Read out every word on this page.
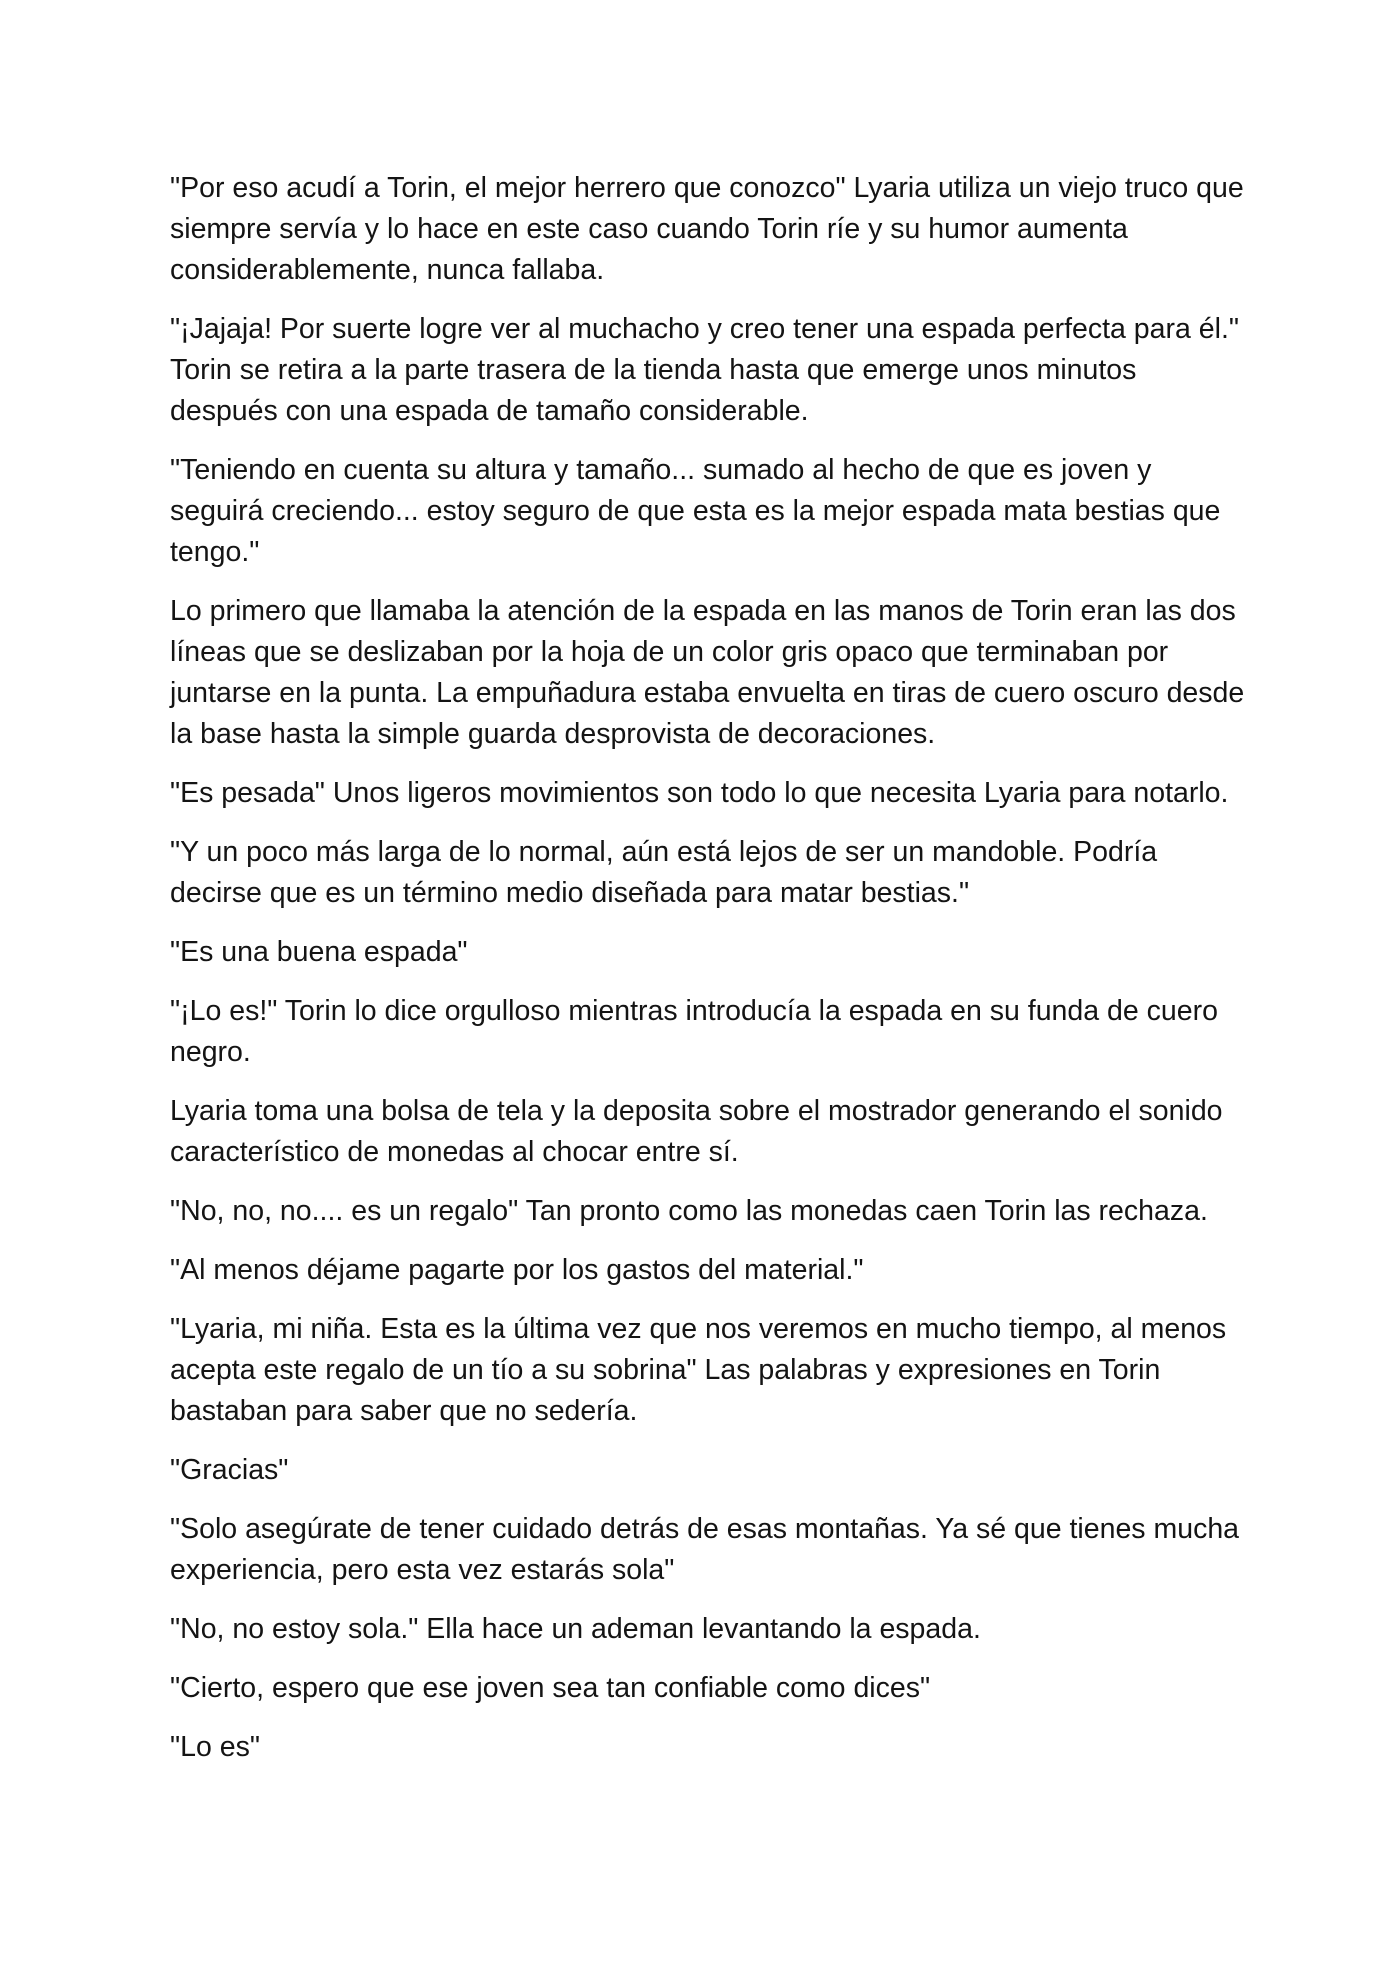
"Por eso acudí a Torin, el mejor herrero que conozco" Lyaria utiliza un viejo truco que siempre servía y lo hace en este caso cuando Torin ríe y su humor aumenta considerablemente, nunca fallaba.

"¡Jajaja! Por suerte logre ver al muchacho y creo tener una espada perfecta para él." Torin se retira a la parte trasera de la tienda hasta que emerge unos minutos después con una espada de tamaño considerable.

"Teniendo en cuenta su altura y tamaño... sumado al hecho de que es joven y seguirá creciendo... estoy seguro de que esta es la mejor espada mata bestias que tengo."

Lo primero que llamaba la atención de la espada en las manos de Torin eran las dos líneas que se deslizaban por la hoja de un color gris opaco que terminaban por juntarse en la punta. La empuñadura estaba envuelta en tiras de cuero oscuro desde la base hasta la simple guarda desprovista de decoraciones.

"Es pesada" Unos ligeros movimientos son todo lo que necesita Lyaria para notarlo.

"Y un poco más larga de lo normal, aún está lejos de ser un mandoble. Podría decirse que es un término medio diseñada para matar bestias."

"Es una buena espada"

"¡Lo es!" Torin lo dice orgulloso mientras introducía la espada en su funda de cuero negro.

Lyaria toma una bolsa de tela y la deposita sobre el mostrador generando el sonido característico de monedas al chocar entre sí.

"No, no, no.... es un regalo" Tan pronto como las monedas caen Torin las rechaza.

"Al menos déjame pagarte por los gastos del material."

"Lyaria, mi niña. Esta es la última vez que nos veremos en mucho tiempo, al menos acepta este regalo de un tío a su sobrina" Las palabras y expresiones en Torin bastaban para saber que no sedería.

"Gracias"

"Solo asegúrate de tener cuidado detrás de esas montañas. Ya sé que tienes mucha experiencia, pero esta vez estarás sola"

"No, no estoy sola." Ella hace un ademan levantando la espada.

"Cierto, espero que ese joven sea tan confiable como dices"

"Lo es"
